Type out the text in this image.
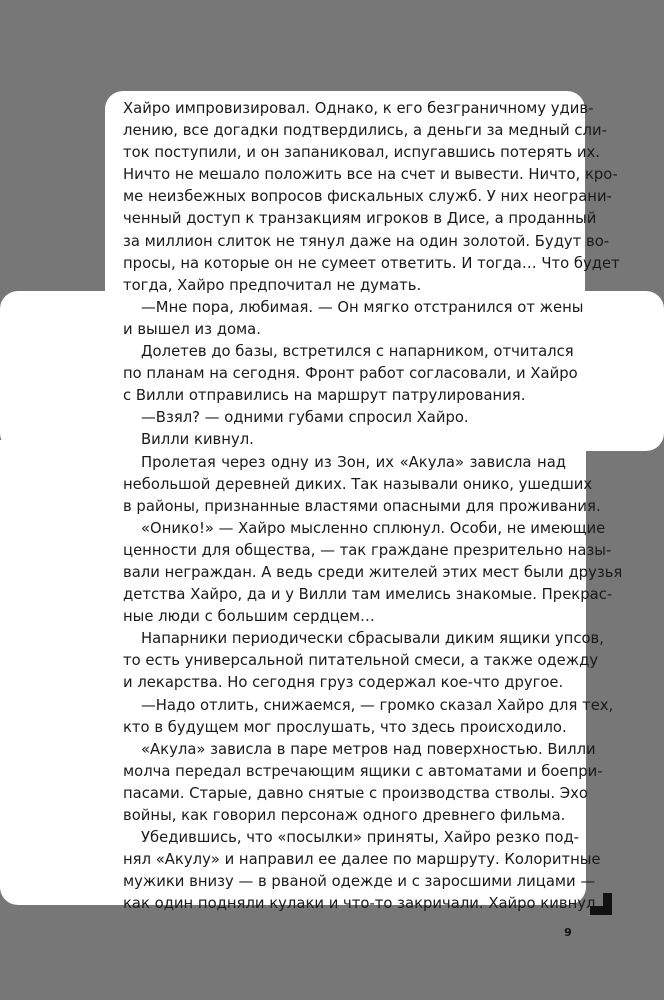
Хайро импровизировал. Однако, к его безграничному удив-
лению, все догадки подтвердились, а деньги за медный сли-
ток поступили, и он запаниковал, испугавшись потерять их.
Ничто не мешало положить все на счет и вывести. Ничто, кро-
ме неизбежных вопросов фискальных служб. У них неограни-
ченный доступ к транзакциям игроков в Дисе, а проданный
за миллион слиток не тянул даже на один золотой. Будут во-
просы, на которые он не сумеет ответить. И тогда… Что будет
тогда, Хайро предпочитал не думать.
—Мне пора, любимая. — Он мягко отстранился от жены
и вышел из дома.
Долетев до базы, встретился с напарником, отчитался
по планам на сегодня. Фронт работ согласовали, и Хайро
с Вилли отправились на маршрут патрулирования.
—Взял? — одними губами спросил Хайро.
Вилли кивнул.
Пролетая через одну из Зон, их «Акула» зависла над
небольшой деревней диких. Так называли онико, ушедших
в районы, признанные властями опасными для проживания.
«Онико!» — Хайро мысленно сплюнул. Особи, не имеющие
ценности для общества, — так граждане презрительно назы-
вали неграждан. А ведь среди жителей этих мест были друзья
детства Хайро, да и у Вилли там имелись знакомые. Прекрас-
ные люди с большим сердцем…
Напарники периодически сбрасывали диким ящики упсов,
то есть универсальной питательной смеси, а также одежду
и лекарства. Но сегодня груз содержал кое-что другое.
—Надо отлить, снижаемся, — громко сказал Хайро для тех,
кто в будущем мог прослушать, что здесь происходило.
«Акула» зависла в паре метров над поверхностью. Вилли
молча передал встречающим ящики с автоматами и боепри-
пасами. Старые, давно снятые с производства стволы. Эхо
войны, как говорил персонаж одного древнего фильма.
Убедившись, что «посылки» приняты, Хайро резко под-
нял «Акулу» и направил ее далее по маршруту. Колоритные
мужики внизу — в рваной одежде и с заросшими лицами —
как один подняли кулаки и что-то закричали. Хайро кивнул,
9
